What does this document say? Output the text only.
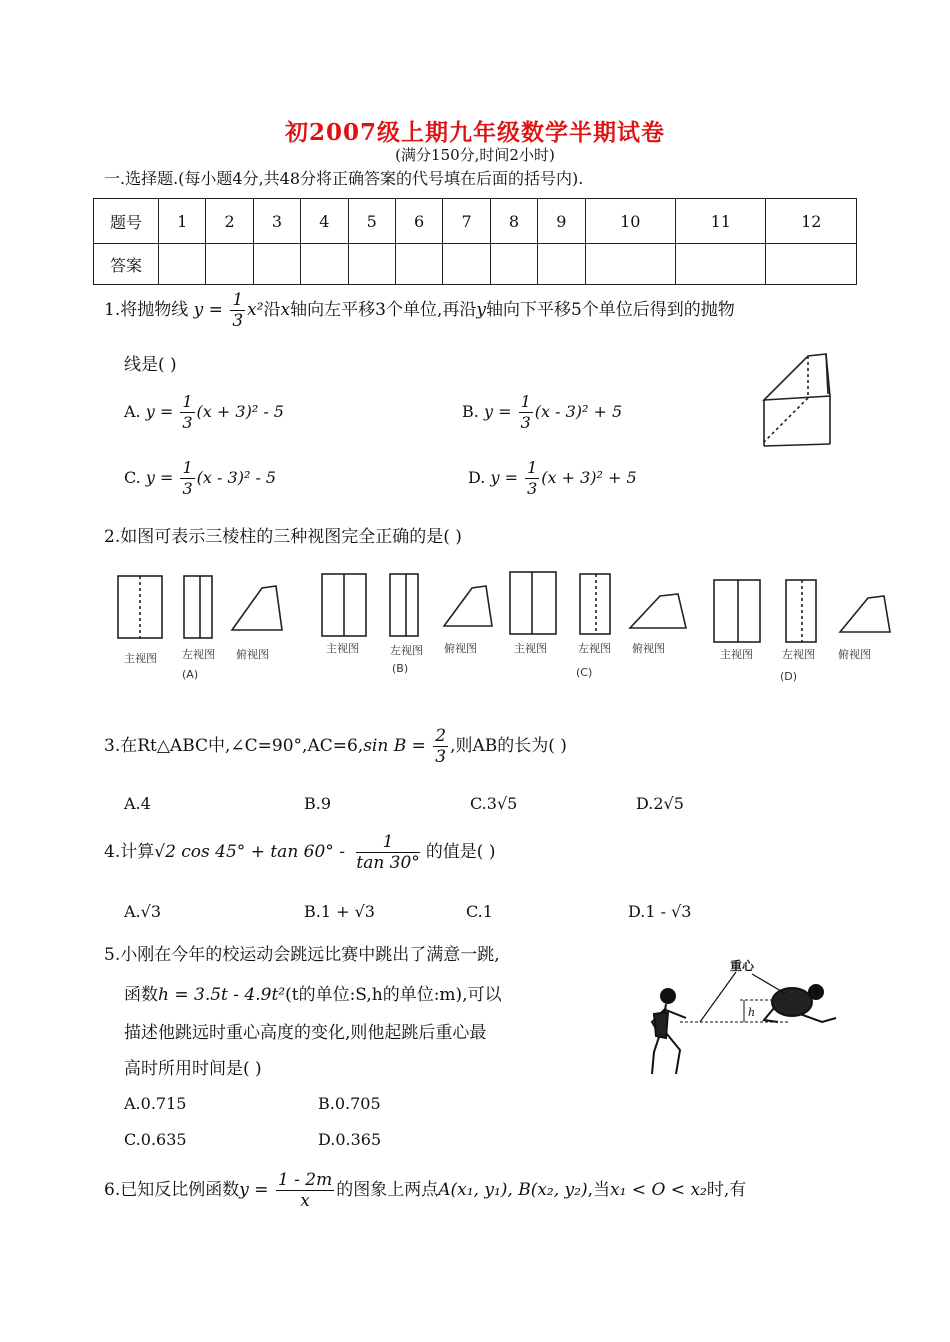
初2007级上期九年级数学半期试卷
(满分150分,时间2小时)
一.选择题.(每小题4分,共48分将正确答案的代号填在后面的括号内).
题号	1	2	3	4	5	6	7	8	9	10	11	12
答案												
1.将抛物线 $y = \frac{1}{3} x^2$沿x轴向左平移3个单位,再沿y轴向下平移5个单位后得到的抛物
线是( )
A. $y = \frac{1}{3} (x + 3)^2 - 5$	B. $y = \frac{1}{3} (x - 3)^2 + 5$
C. $y = \frac{1}{3} (x - 3)^2 - 5$	D. $y = \frac{1}{3} (x + 3)^2 + 5$
2.如图可表示三棱柱的三种视图完全正确的是( )
主视图 左视图 俯视图
(A)
主视图	左视图 俯视图
(B)
主视图	左视图 俯视图
(C)
主视图	左视图 俯视图
(D)
3.在Rt△ABC中,∠C=90°,AC=6,sin $B = \frac{2}{3}$ ,则AB的长为( )
A.4	B.9	C.3√5	D.2√5
4.计算√2 $\cos 45^\circ + \tan 60^\circ - \frac{1}{\tan 30^\circ}$ 的值是( )
A.√3	B.1 + √3	C.1	D.1 - √3
5.小刚在今年的校运动会跳远比赛中跳出了满意一跳,
函数h = 3.5t - 4.9t²(t的单位:S,h的单位:m),可以
描述他跳远时重心高度的变化,则他起跳后重心最
高时所用时间是( )
A.0.715	B.0.705
C.0.635	D.0.365
重心
h
6.已知反比例函数$y = \frac{1 - 2m}{x}$ 的图象上两点A(x₁, y₁), B(x₂, y₂),当x₁ < O < x₂时,有
